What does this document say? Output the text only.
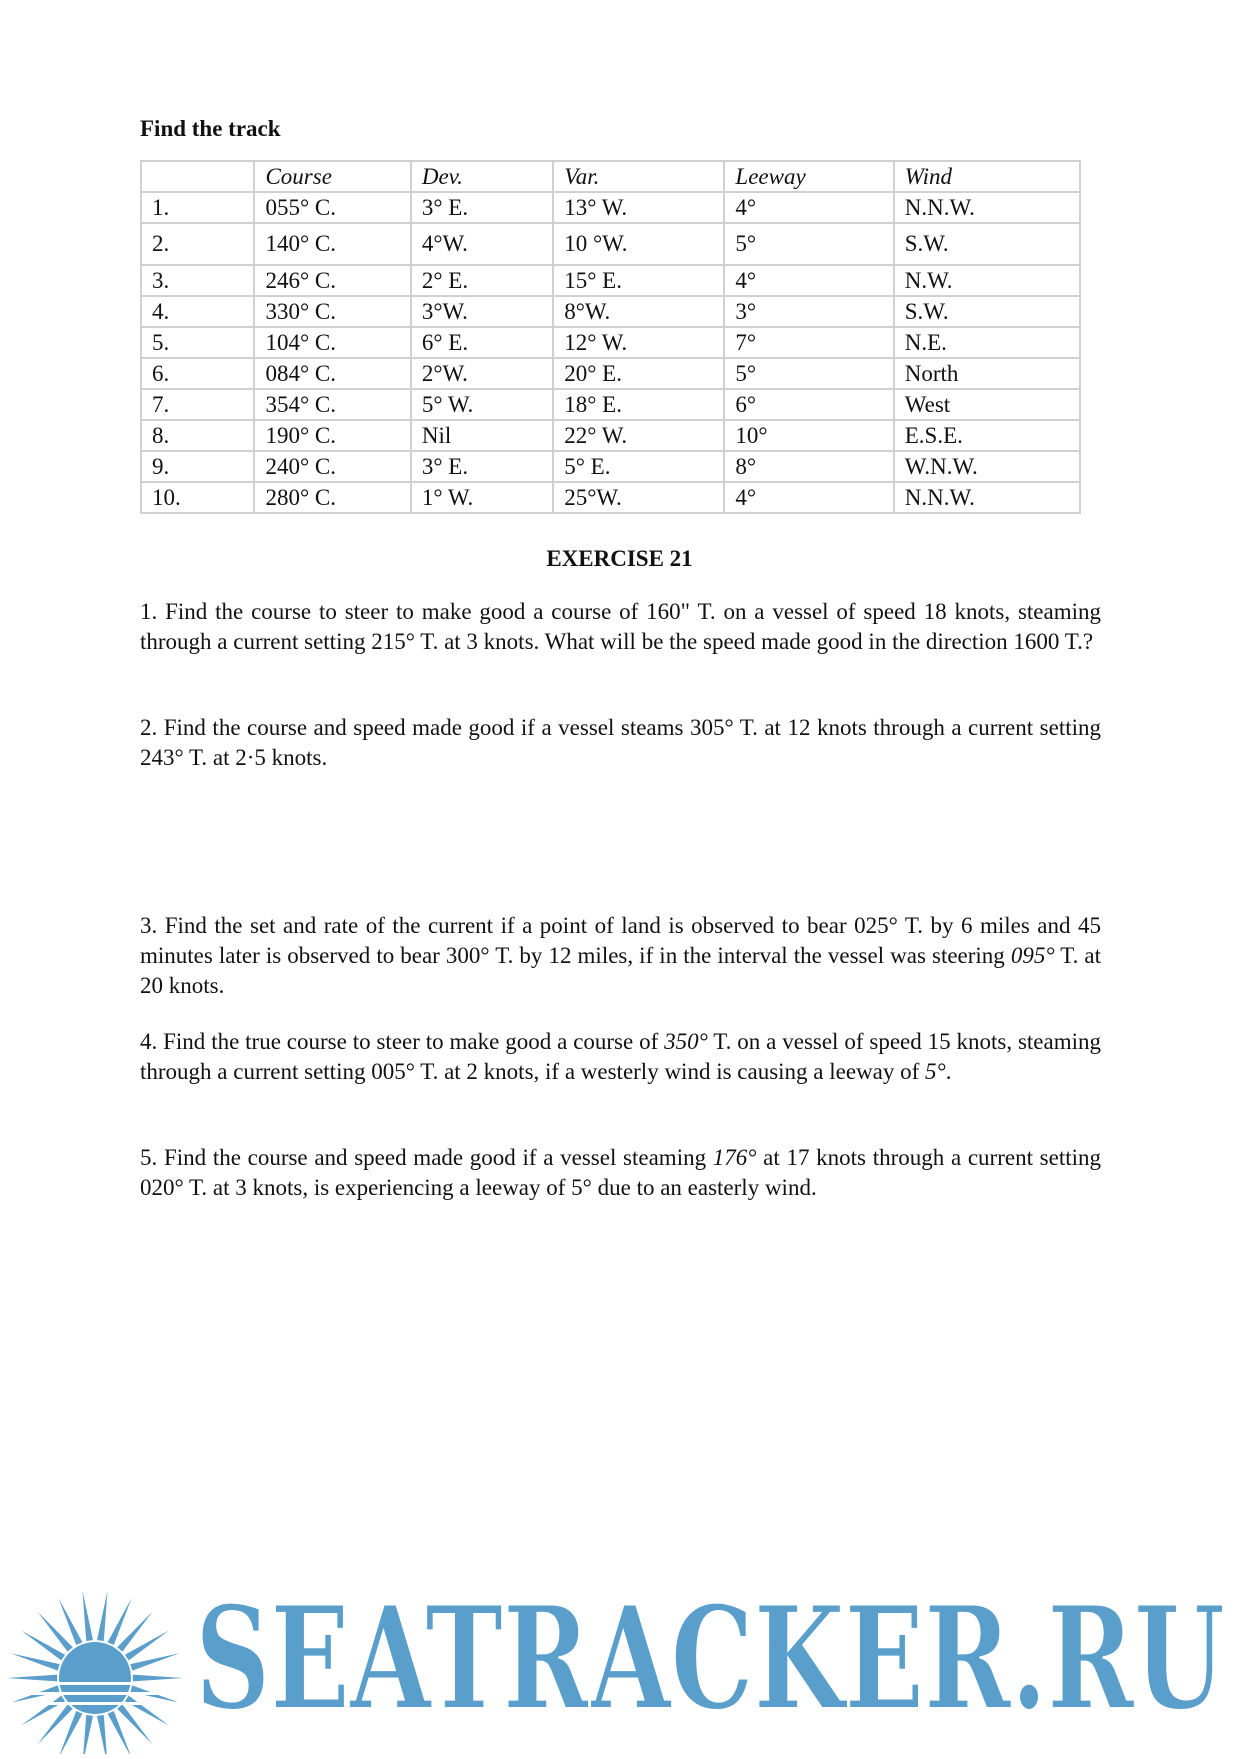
Find the track
	Course	Dev.	Var.	Leeway	Wind
1.	055° C.	3° E.	13° W.	4°	N.N.W.
2.	140° C.	4°W.	10 °W.	5°	S.W.
3.	246° C.	2° E.	15° E.	4°	N.W.
4.	330° C.	3°W.	8°W.	3°	S.W.
5.	104° C.	6° E.	12° W.	7°	N.E.
6.	084° C.	2°W.	20° E.	5°	North
7.	354° C.	5° W.	18° E.	6°	West
8.	190° C.	Nil	22° W.	10°	E.S.E.
9.	240° C.	3° E.	5° E.	8°	W.N.W.
10.	280° C.	1° W.	25°W.	4°	N.N.W.
EXERCISE 21

1. Find the course to steer to make good a course of 160" T. on a vessel of speed 18 knots, steaming through a current setting 215° T. at 3 knots. What will be the speed made good in the direction 1600 T.?

2. Find the course and speed made good if a vessel steams 305° T. at 12 knots through a current setting 243° T. at 2·5 knots.

3. Find the set and rate of the current if a point of land is observed to bear 025° T. by 6 miles and 45 minutes later is observed to bear 300° T. by 12 miles, if in the interval the vessel was steering 095° T. at 20 knots.

4. Find the true course to steer to make good a course of 350° T. on a vessel of speed 15 knots, steaming through a current setting 005° T. at 2 knots, if a westerly wind is causing a leeway of 5°.

5. Find the course and speed made good if a vessel steaming 176° at 17 knots through a current setting 020° T. at 3 knots, is experiencing a leeway of 5° due to an easterly wind.

SEATRACKER.RU
